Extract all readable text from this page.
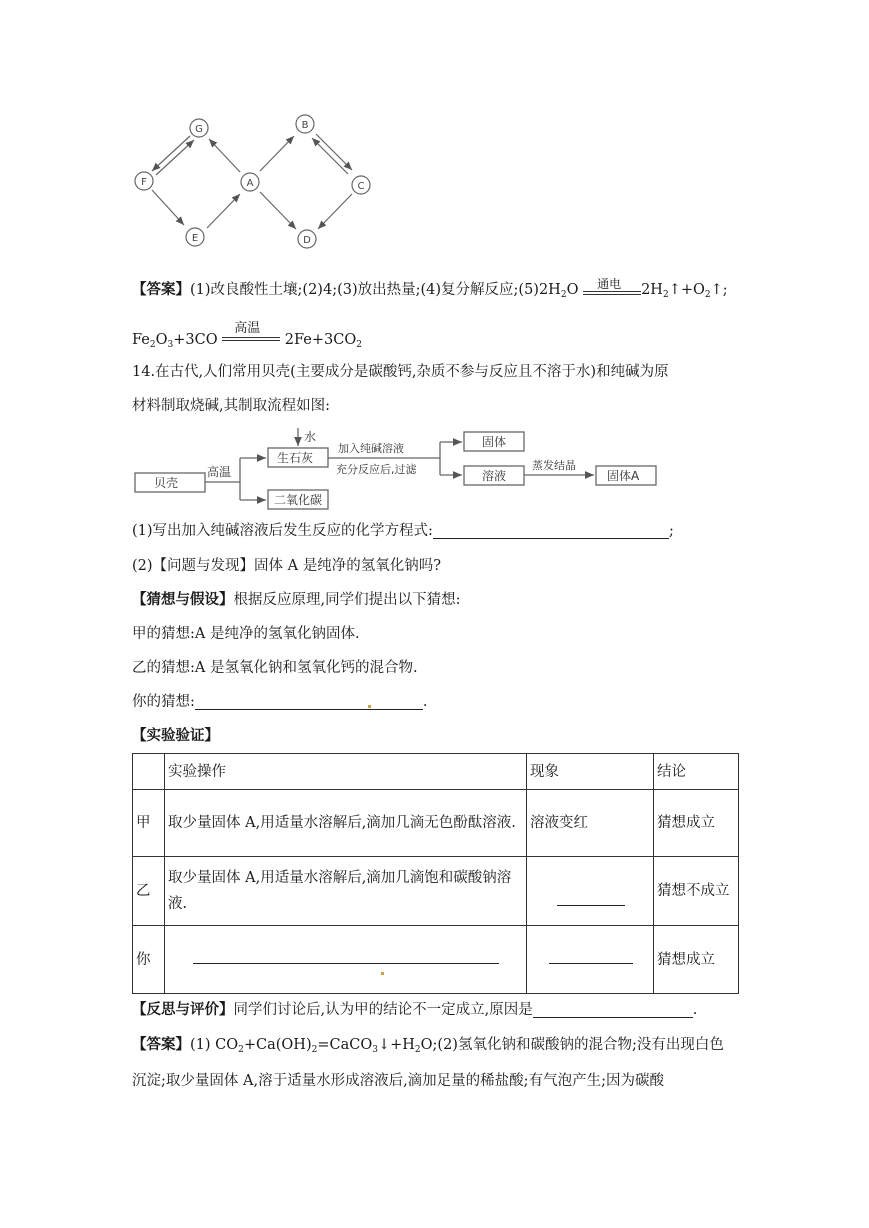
G	B
F	A	C
E	D
【答案】(1)改良酸性土壤;(2)4;(3)放出热量;(4)复分解反应$;(5)2H_2O$ 通电 $2H_2↑+O_2↑$;
$Fe_2O_3+3CO$
高温
$2Fe+3CO_2$
14.在古代,人们常用贝壳(主要成分是碳酸钙,杂质不参与反应且不溶于水)和纯碱为原
材料制取烧碱,其制取流程如图:
贝壳
高温
生石灰
二氧化碳
水
加入纯碱溶液
充分反应后,过滤
固体
溶液
蒸发结晶
固体A
(1)写出加入纯碱溶液后发生反应的化学方程式:	;
(2)【问题与发现】固体 A 是纯净的氢氧化钠吗?
【猜想与假设】根据反应原理,同学们提出以下猜想:
甲的猜想:A 是纯净的氢氧化钠固体.
乙的猜想:A 是氢氧化钠和氢氧化钙的混合物.
你的猜想:	.
【实验验证】
	实验操作	现象	结论
甲	取少量固体 A,用适量水溶解后,滴加几滴无色酚酞溶液.	溶液变红	猜想成立
乙	取少量固体 A,用适量水溶解后,滴加几滴饱和碳酸钠溶液.		猜想不成立
你			猜想成立
【反思与评价】同学们讨论后,认为甲的结论不一定成立,原因是	.
【答案】(1) $CO_2+Ca(OH)_2=CaCO_3↓+H_2O;(2)$氢氧化钠和碳酸钠的混合物;没有出现白色
沉淀;取少量固体 A,溶于适量水形成溶液后,滴加足量的稀盐酸;有气泡产生;因为碳酸
